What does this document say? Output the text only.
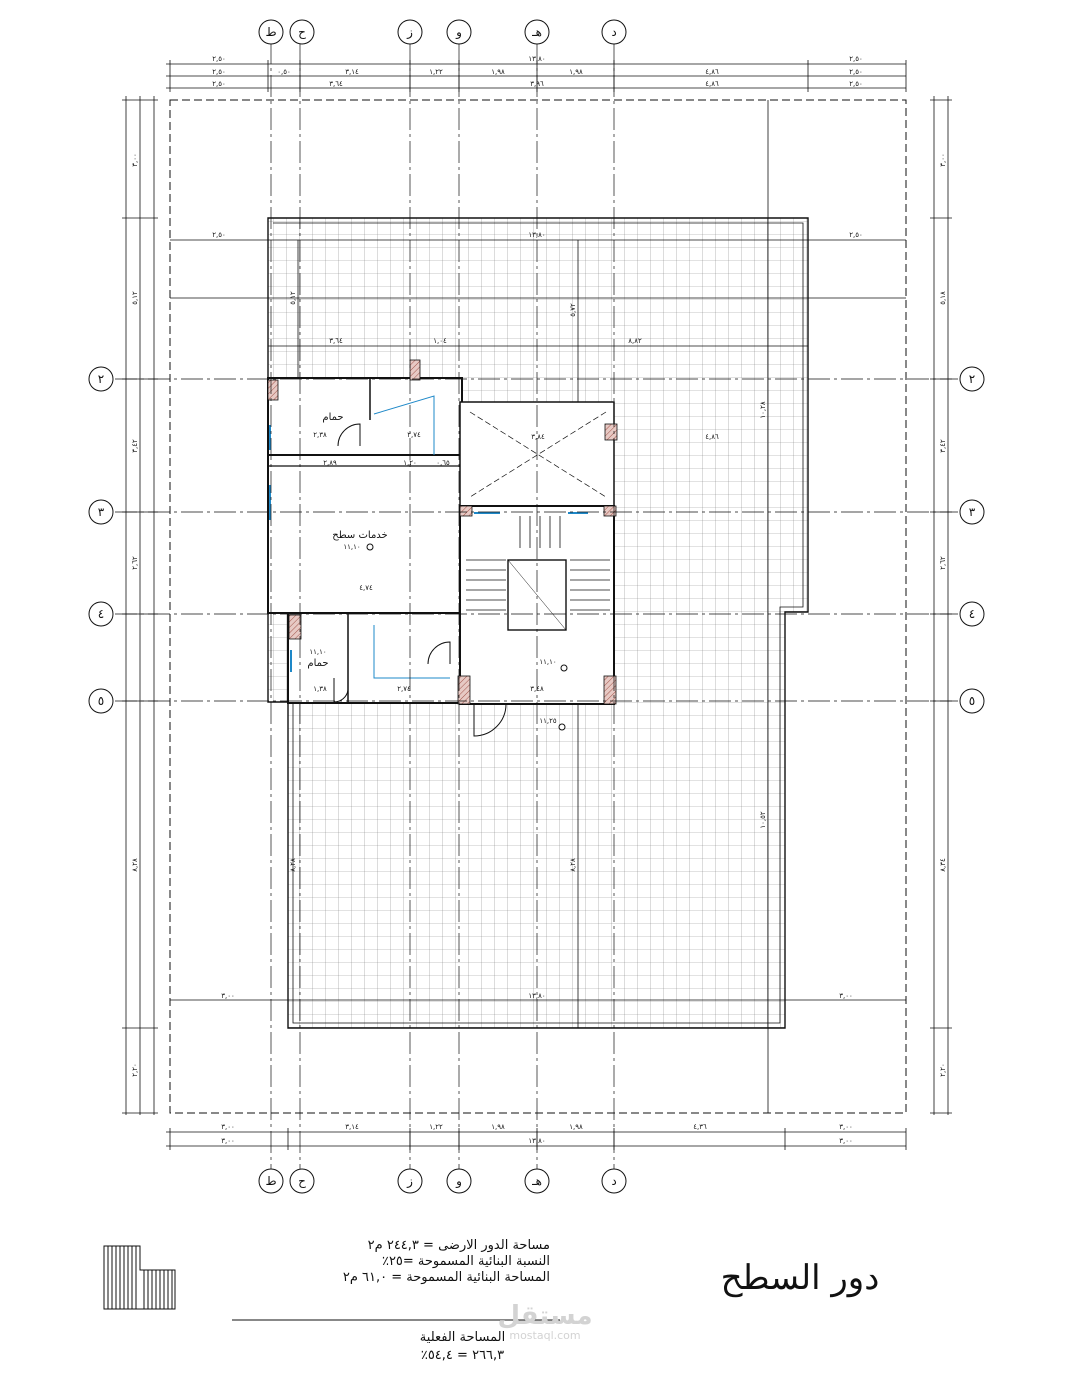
ط ح	ز	و	هـ	د
ط ح	ز	و	هـ	د
٢
٣
٤
٥
٢
٣
٤
٥
٢,٥٠	١٣,٨٠	٢,٥٠
٢,٥٠	٠,٥٠	٣,١٤	١,٢٢	١,٩٨	١,٩٨	٤,٨٦	٢,٥٠
٢,٥٠	٣,٦٤	٣,٩٦	٤,٨٦	٢,٥٠
٣,٠٠	٣,١٤	١,٢٢	١,٩٨	١,٩٨	٤,٣٦	٣,٠٠
٣,٠٠	١٣,٨٠	٣,٠٠
٢,٥٠	١٣,٨٠	٢,٥٠
٣,٦٤	١,٠٤	٨,٨٢
٣,٠٠	١٣,٨٠	٣,٠٠
٣,٠٠
٥,١٢
٣,٤٢
٢,٦٢
٨,٢٨
٢,٢٠
٣,٠٠
٥,١٨
٣,٤٢
٢,٦٢
٨,٣٤
٢,٢٠
٥,١٢
٥,٧٢
١٠,٢٨
٨,٢٨	٨,٢٨
١٠,٥٢
٢,٣٨	٢,٧٤
٢,٨٩	١,٢٠	٠,٦٥
٤,٧٤
٣,٨٤	٤,٨٦
٣,٤٨
٢,٧٤
١,٣٨
حمام
خدمات سطح
حمام
١١,١٠
١١,١٠
١١,١٠
١١,٢٥
مساحة الدور الارضى = ٢٤٤,٣ م٢
النسبة البنائية المسموحة =٢٥٪
المساحة البنائية المسموحة = ٦١,٠ م٢
المساحة الفعلية
٢٦٦,٣ = ٥٤,٤٪
دور السطح
مستقل
mostaql.com
